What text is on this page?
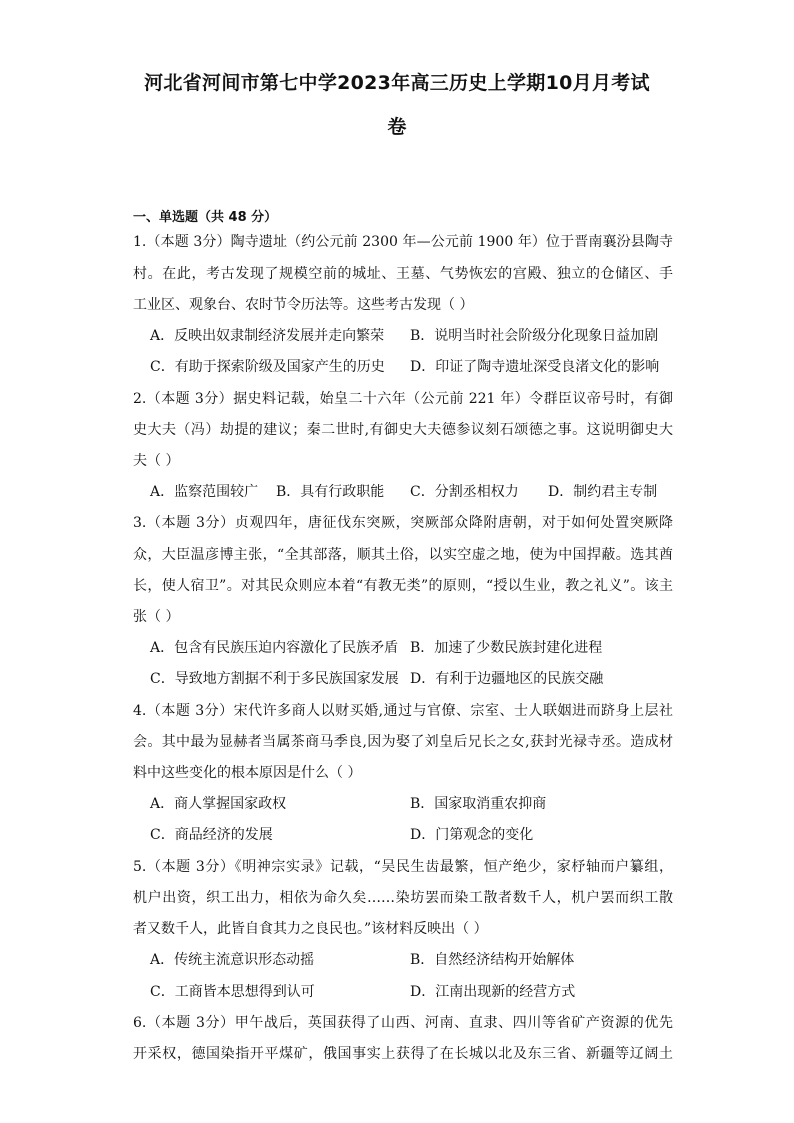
河北省河间市第七中学2023年高三历史上学期10月月考试
卷
一、单选题（共 48 分）
1.（本题 3分）陶寺遗址（约公元前 2300 年—公元前 1900 年）位于晋南襄汾县陶寺
村。在此，考古发现了规模空前的城址、王墓、气势恢宏的宫殿、独立的仓储区、手
工业区、观象台、农时节令历法等。这些考古发现（ ）
A．反映出奴隶制经济发展并走向繁荣 B．说明当时社会阶级分化现象日益加剧
C．有助于探索阶级及国家产生的历史 D．印证了陶寺遗址深受良渚文化的影响
2.（本题 3分）据史料记载，始皇二十六年（公元前 221 年）令群臣议帝号时，有御
史大夫（冯）劫提的建议；秦二世时,有御史大夫德参议刻石颂德之事。这说明御史大
夫（ ）
A．监察范围较广 B．具有行政职能 C．分割丞相权力 D．制约君主专制
3.（本题 3分）贞观四年，唐征伐东突厥，突厥部众降附唐朝，对于如何处置突厥降
众，大臣温彦博主张，“全其部落，顺其土俗，以实空虚之地，使为中国捍蔽。选其酋
长，使人宿卫”。对其民众则应本着“有教无类”的原则，“授以生业，教之礼义”。该主
张（ ）
A．包含有民族压迫内容激化了民族矛盾 B．加速了少数民族封建化进程
C．导致地方割据不利于多民族国家发展 D．有利于边疆地区的民族交融
4.（本题 3分）宋代许多商人以财买婚,通过与官僚、宗室、士人联姻进而跻身上层社
会。其中最为显赫者当属茶商马季良,因为娶了刘皇后兄长之女,获封光禄寺丞。造成材
料中这些变化的根本原因是什么（ ）
A．商人掌握国家政权	B．国家取消重农抑商
C．商品经济的发展	D．门第观念的变化
5.（本题 3分）《明神宗实录》记载，“吴民生齿最繁，恒产绝少，家杼轴而户纂组，
机户出资，织工出力，相依为命久矣……染坊罢而染工散者数千人，机户罢而织工散
者又数千人，此皆自食其力之良民也。”该材料反映出（ ）
A．传统主流意识形态动摇	B．自然经济结构开始解体
C．工商皆本思想得到认可	D．江南出现新的经营方式
6.（本题 3分）甲午战后，英国获得了山西、河南、直隶、四川等省矿产资源的优先
开采权，德国染指开平煤矿，俄国事实上获得了在长城以北及东三省、新疆等辽阔土
